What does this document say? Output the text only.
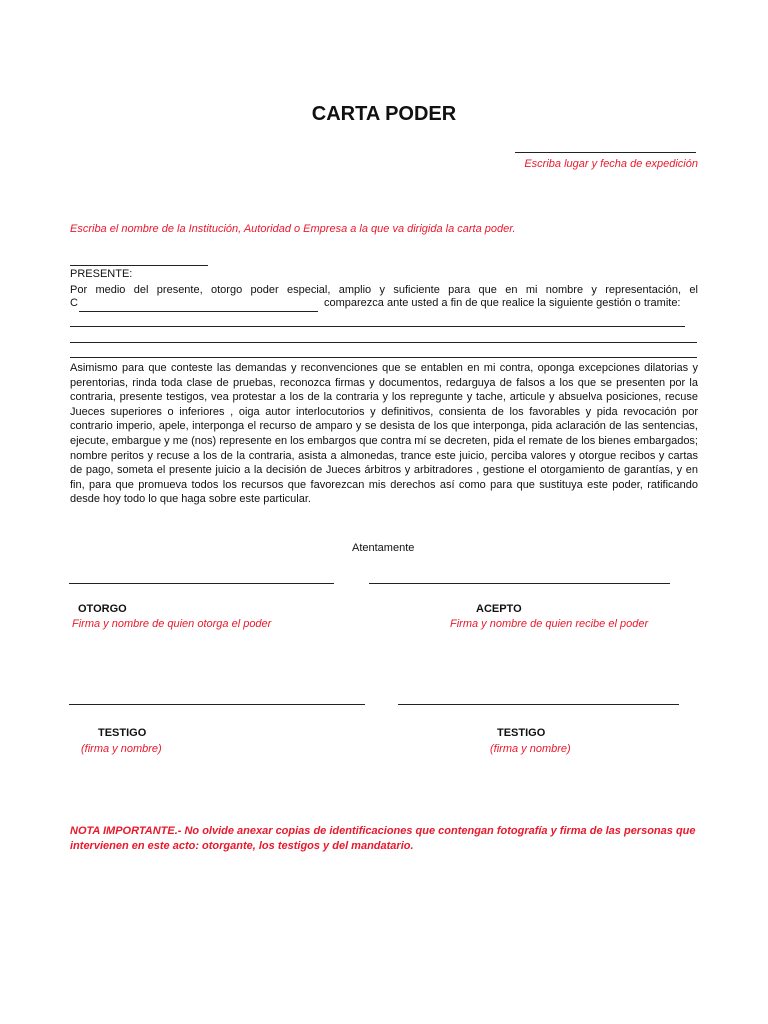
CARTA PODER
Escriba lugar y fecha de expedición
Escriba el nombre de la Institución, Autoridad o Empresa a la que va dirigida la carta poder.
PRESENTE:
Por medio del presente, otorgo poder especial, amplio y suficiente para que en mi nombre y representación, el
C	comparezca ante usted a fin de que realice la siguiente gestión o tramite:
Asimismo para que conteste las demandas y reconvenciones que se entablen en mi contra, oponga excepciones dilatorias y perentorias, rinda toda clase de pruebas, reconozca firmas y documentos, redarguya de falsos a los que se presenten por la contraria, presente testigos, vea protestar a los de la contraria y los repregunte y tache, articule y absuelva posiciones, recuse Jueces superiores o inferiores , oiga autor interlocutorios y definitivos, consienta de los favorables y pida revocación por contrario imperio, apele, interponga el recurso de amparo y se desista de los que interponga, pida aclaración de las sentencias, ejecute, embargue y me (nos) represente en los embargos que contra mí se decreten, pida el remate de los bienes embargados; nombre peritos y recuse a los de la contraria, asista a almonedas, trance este juicio, perciba valores y otorgue recibos y cartas de pago, someta el presente juicio a la decisión de Jueces árbitros y arbitradores , gestione el otorgamiento de garantías, y en fin, para que promueva todos los recursos que favorezcan mis derechos así como para que sustituya este poder, ratificando desde hoy todo lo que haga sobre este particular.
Atentamente
OTORGO
Firma y nombre de quien otorga el poder
ACEPTO
Firma y nombre de quien recibe el poder
TESTIGO
(firma y nombre)
TESTIGO
(firma y nombre)
NOTA IMPORTANTE.- No olvide anexar copias de identificaciones que contengan fotografía y firma de las personas que intervienen en este acto: otorgante, los testigos y del mandatario.
